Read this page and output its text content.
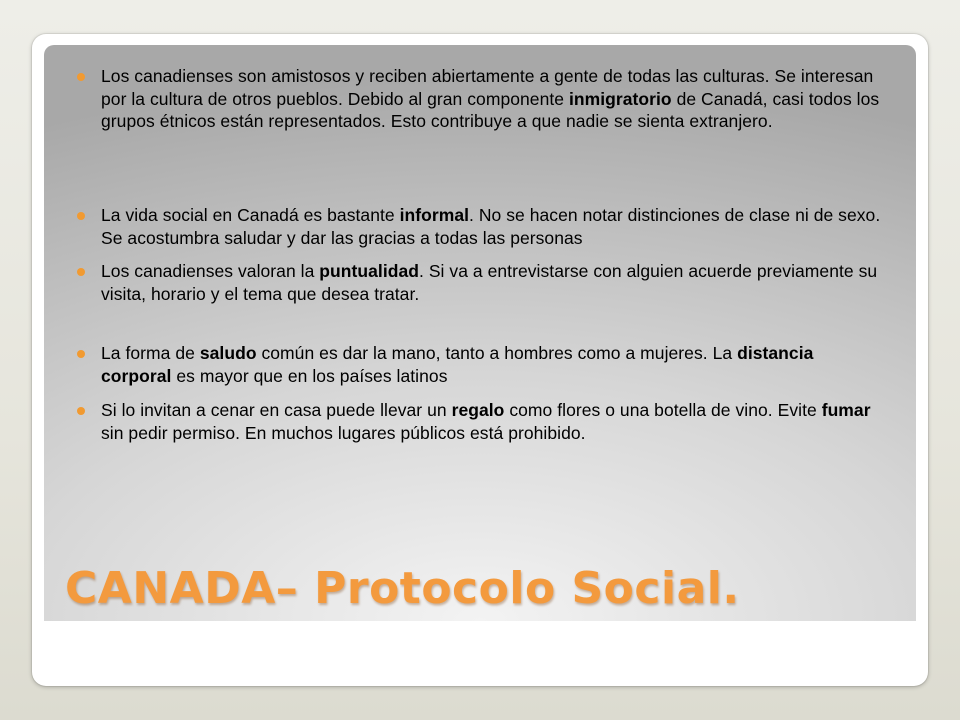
Los canadienses son amistosos y reciben abiertamente a gente de todas las culturas. Se interesan por la cultura de otros pueblos. Debido al gran componente inmigratorio de Canadá, casi todos los grupos étnicos están representados. Esto contribuye a que nadie se sienta extranjero.
La vida social en Canadá es bastante informal. No se hacen notar distinciones de clase ni de sexo. Se acostumbra saludar y dar las gracias a todas las personas
Los canadienses valoran la puntualidad. Si va a entrevistarse con alguien acuerde previamente su visita, horario y el tema que desea tratar.
La forma de saludo común es dar la mano, tanto a hombres como a mujeres. La distancia corporal es mayor que en los países latinos
Si lo invitan a cenar en casa puede llevar un regalo como flores o una botella de vino. Evite fumar sin pedir permiso. En muchos lugares públicos está prohibido.
CANADA– Protocolo Social.
